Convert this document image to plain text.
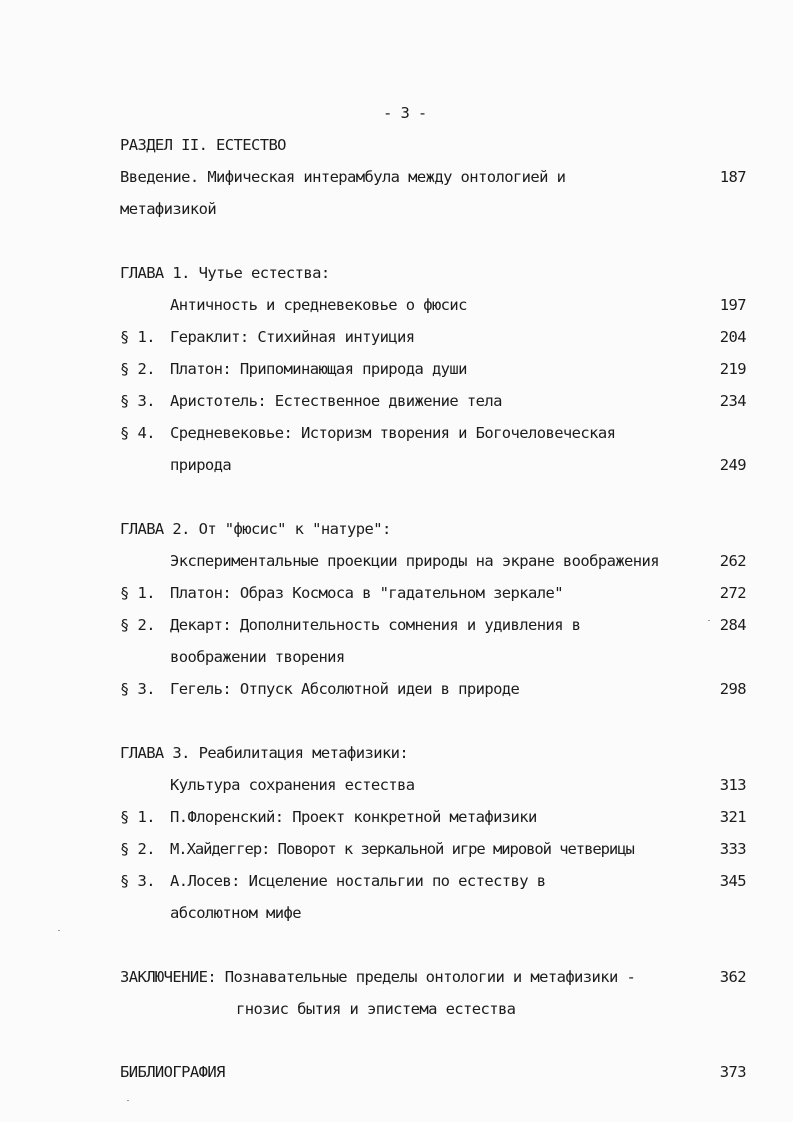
- 3 -
РАЗДЕЛ II. ЕСТЕСТВО
Введение. Мифическая интерамбула между онтологией и	187
метафизикой
ГЛАВА 1. Чутье естества:
Античность и средневековье о фюсис	197
§ 1. Гераклит: Стихийная интуиция	204
§ 2. Платон: Припоминающая природа души	219
§ 3. Аристотель: Естественное движение тела	234
§ 4. Средневековье: Историзм творения и Богочеловеческая
природа	249
ГЛАВА 2. От "фюсис" к "натуре":
Экспериментальные проекции природы на экране воображения	262
§ 1. Платон: Образ Космоса в "гадательном зеркале"	272
§ 2. Декарт: Дополнительность сомнения и удивления в	284
воображении творения
§ 3. Гегель: Отпуск Абсолютной идеи в природе	298
ГЛАВА 3. Реабилитация метафизики:
Культура сохранения естества	313
§ 1. П.Флоренский: Проект конкретной метафизики	321
§ 2. М.Хайдеггер: Поворот к зеркальной игре мировой четверицы	333
§ 3. А.Лосев: Исцеление ностальгии по естеству в	345
абсолютном мифе
ЗАКЛЮЧЕНИЕ: Познавательные пределы онтологии и метафизики -	362
гнозис бытия и эпистема естества
БИБЛИОГРАФИЯ	373
